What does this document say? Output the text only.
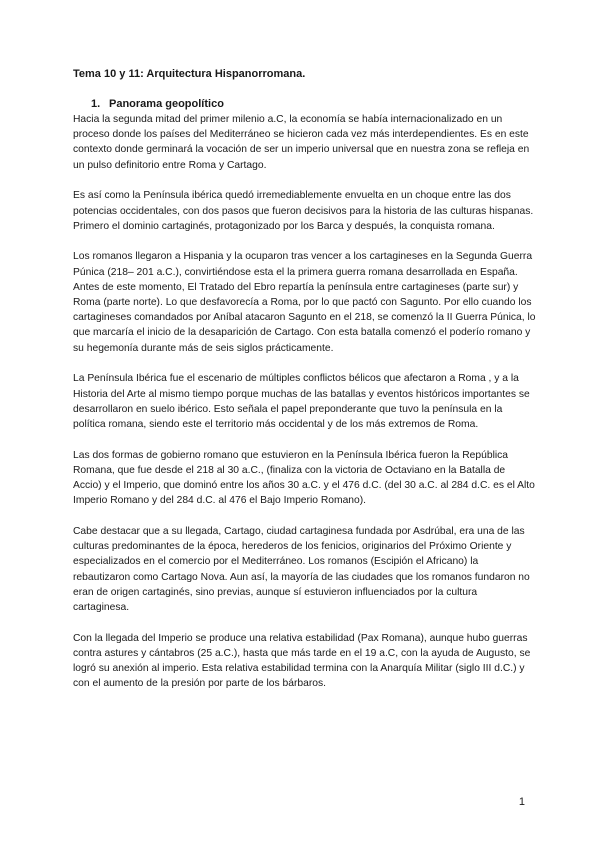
Tema 10 y 11: Arquitectura Hispanorromana.
1. Panorama geopolítico

Hacia la segunda mitad del primer milenio a.C, la economía se había internacionalizado en un proceso donde los países del Mediterráneo se hicieron cada vez más interdependientes. Es en este contexto donde germinará la vocación de ser un imperio universal que en nuestra zona se refleja en un pulso definitorio entre Roma y Cartago.

Es así como la Península ibérica quedó irremediablemente envuelta en un choque entre las dos potencias occidentales, con dos pasos que fueron decisivos para la historia de las culturas hispanas. Primero el dominio cartaginés, protagonizado por los Barca y después, la conquista romana.

Los romanos llegaron a Hispania y la ocuparon tras vencer a los cartagineses en la Segunda Guerra Púnica (218– 201 a.C.), convirtiéndose esta el la primera guerra romana desarrollada en España. Antes de este momento, El Tratado del Ebro repartía la península entre cartagineses (parte sur) y Roma (parte norte). Lo que desfavorecía a Roma, por lo que pactó con Sagunto. Por ello cuando los cartagineses comandados por Aníbal atacaron Sagunto en el 218, se comenzó la II Guerra Púnica, lo que marcaría el inicio de la desaparición de Cartago. Con esta batalla comenzó el poderío romano y su hegemonía durante más de seis siglos prácticamente.

La Península Ibérica fue el escenario de múltiples conflictos bélicos que afectaron a Roma , y a la Historia del Arte al mismo tiempo porque muchas de las batallas y eventos históricos importantes se desarrollaron en suelo ibérico. Esto señala el papel preponderante que tuvo la península en la política romana, siendo este el territorio más occidental y de los más extremos de Roma.

Las dos formas de gobierno romano que estuvieron en la Península Ibérica fueron la República Romana, que fue desde el 218 al 30 a.C., (finaliza con la victoria de Octaviano en la Batalla de Accio) y el Imperio, que dominó entre los años 30 a.C. y el 476 d.C. (del 30 a.C. al 284 d.C. es el Alto Imperio Romano y del 284 d.C. al 476 el Bajo Imperio Romano).

Cabe destacar que a su llegada, Cartago, ciudad cartaginesa fundada por Asdrúbal, era una de las culturas predominantes de la época, herederos de los fenicios, originarios del Próximo Oriente y especializados en el comercio por el Mediterráneo. Los romanos (Escipión el Africano) la rebautizaron como Cartago Nova. Aun así, la mayoría de las ciudades que los romanos fundaron no eran de origen cartaginés, sino previas, aunque sí estuvieron influenciados por la cultura cartaginesa.

Con la llegada del Imperio se produce una relativa estabilidad (Pax Romana), aunque hubo guerras contra astures y cántabros (25 a.C.), hasta que más tarde en el 19 a.C, con la ayuda de Augusto, se logró su anexión al imperio. Esta relativa estabilidad termina con la Anarquía Militar (siglo III d.C.) y con el aumento de la presión por parte de los bárbaros.

1
